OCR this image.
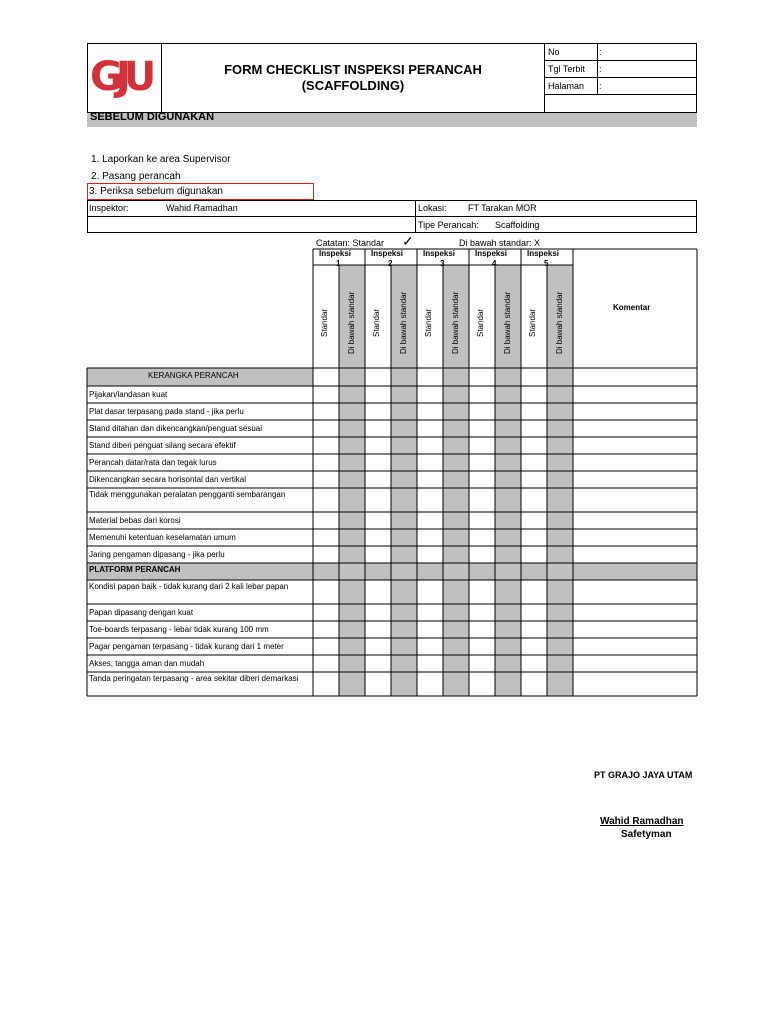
GJU	FORM CHECKLIST INSPEKSI PERANCAH
(SCAFFOLDING)
No	:
Tgl Terbit :
Halaman :
SEBELUM DIGUNAKAN
1. Laporkan ke area Supervisor
2. Pasang perancah
3. Periksa sebelum digunakan
Inspektor:	Wahid Ramadhan	Lokasi: FT Tarakan MOR
Tipe Perancah: Scaffolding
Catatan: Standar ✓	Di bawah standar: X
Inspeksi
1
Standar Di bawah standar
Inspeksi
2
Standar Di bawah standar
Inspeksi
3
Standar Di bawah standar
Inspeksi
4
Standar Di bawah standar
Inspeksi
5
Standar Di bawah standar	Komentar
KERANGKA PERANCAH
Pijakan/landasan kuat
Plat dasar terpasang pada stand - jika perlu
Stand ditahan dan dikencangkan/penguat sesuai
Stand diberi penguat silang secara efektif
Perancah datar/rata dan tegak lurus
Dikencangkan secara horisontal dan vertikal
Tidak menggunakan peralatan pengganti sembarangan
Material bebas dari korosi
Memenuhi ketentuan keselamatan umum
Jaring pengaman dipasang - jika perlu
PLATFORM PERANCAH
Kondisi papan baik - tidak kurang dari 2 kali lebar papan
Papan dipasang dengan kuat
Toe-boards terpasang - lebar tidak kurang 100 mm
Pagar pengaman terpasang - tidak kurang dari 1 meter
Akses, tangga aman dan mudah
Tanda peringatan terpasang - area sekitar diberi demarkasi
PT GRAJO JAYA UTAM
Wahid Ramadhan
Safetyman
